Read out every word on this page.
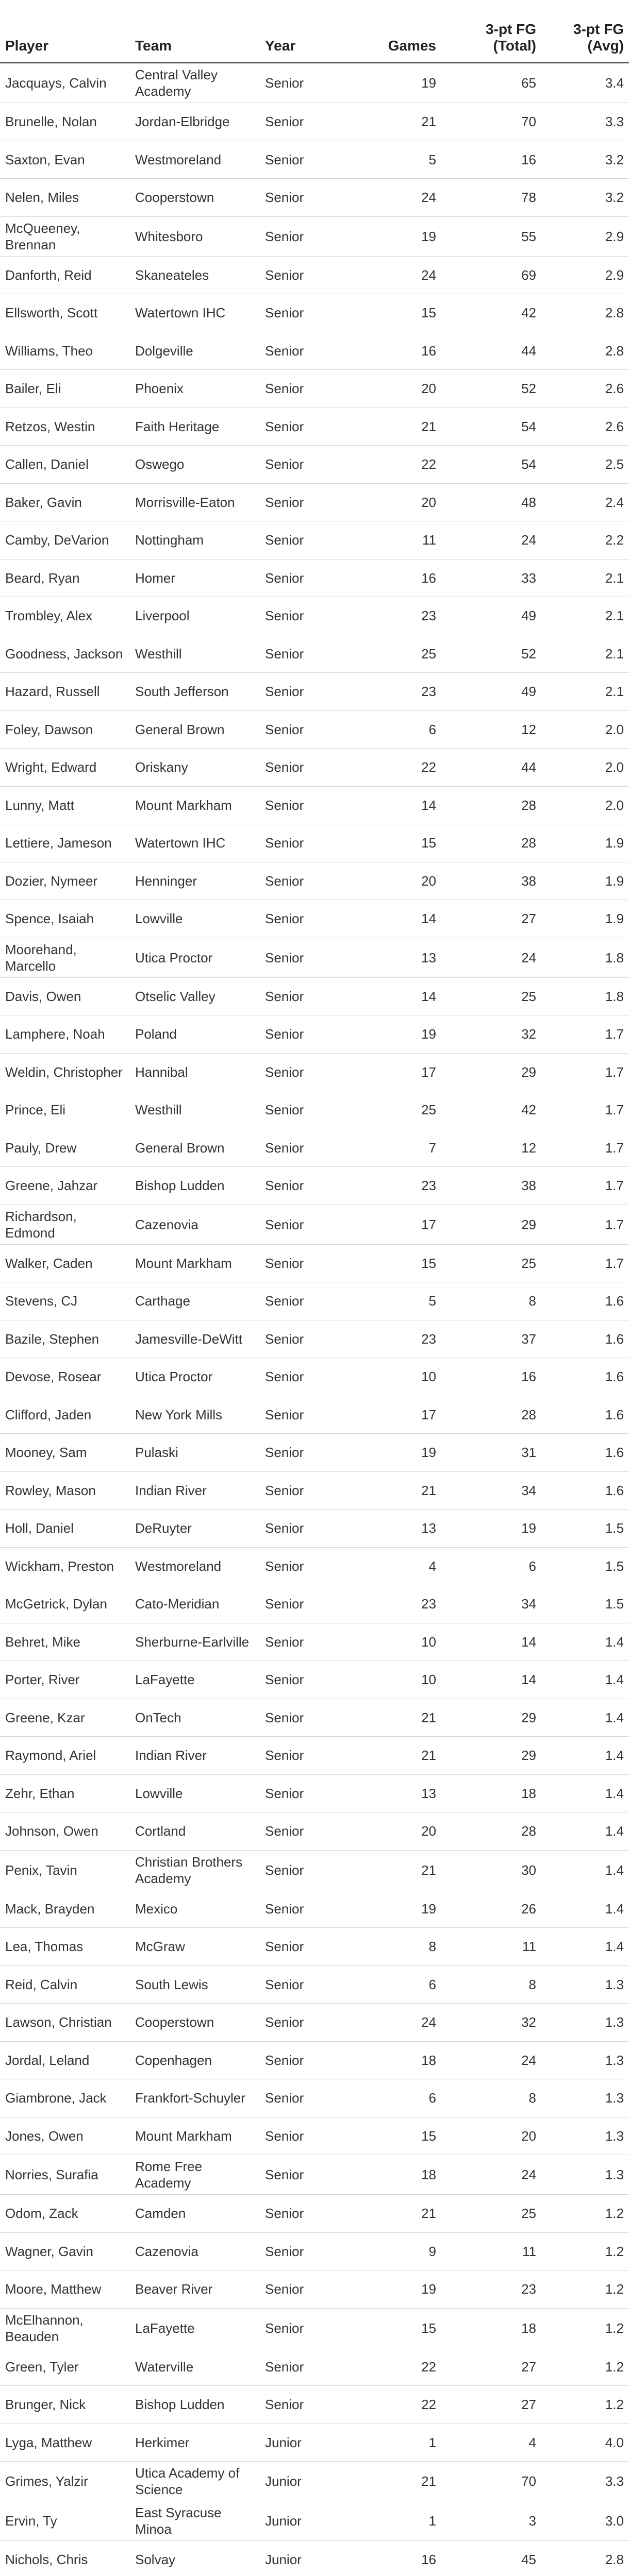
Player	Team	Year	Games	3-pt FG (Total)	3-pt FG (Avg)
Jacquays, Calvin	Central Valley Academy	Senior	19	65	3.4
Brunelle, Nolan	Jordan-Elbridge	Senior	21	70	3.3
Saxton, Evan	Westmoreland	Senior	5	16	3.2
Nelen, Miles	Cooperstown	Senior	24	78	3.2
McQueeney, Brennan	Whitesboro	Senior	19	55	2.9
Danforth, Reid	Skaneateles	Senior	24	69	2.9
Ellsworth, Scott	Watertown IHC	Senior	15	42	2.8
Williams, Theo	Dolgeville	Senior	16	44	2.8
Bailer, Eli	Phoenix	Senior	20	52	2.6
Retzos, Westin	Faith Heritage	Senior	21	54	2.6
Callen, Daniel	Oswego	Senior	22	54	2.5
Baker, Gavin	Morrisville-Eaton	Senior	20	48	2.4
Camby, DeVarion	Nottingham	Senior	11	24	2.2
Beard, Ryan	Homer	Senior	16	33	2.1
Trombley, Alex	Liverpool	Senior	23	49	2.1
Goodness, Jackson	Westhill	Senior	25	52	2.1
Hazard, Russell	South Jefferson	Senior	23	49	2.1
Foley, Dawson	General Brown	Senior	6	12	2.0
Wright, Edward	Oriskany	Senior	22	44	2.0
Lunny, Matt	Mount Markham	Senior	14	28	2.0
Lettiere, Jameson	Watertown IHC	Senior	15	28	1.9
Dozier, Nymeer	Henninger	Senior	20	38	1.9
Spence, Isaiah	Lowville	Senior	14	27	1.9
Moorehand, Marcello	Utica Proctor	Senior	13	24	1.8
Davis, Owen	Otselic Valley	Senior	14	25	1.8
Lamphere, Noah	Poland	Senior	19	32	1.7
Weldin, Christopher	Hannibal	Senior	17	29	1.7
Prince, Eli	Westhill	Senior	25	42	1.7
Pauly, Drew	General Brown	Senior	7	12	1.7
Greene, Jahzar	Bishop Ludden	Senior	23	38	1.7
Richardson, Edmond	Cazenovia	Senior	17	29	1.7
Walker, Caden	Mount Markham	Senior	15	25	1.7
Stevens, CJ	Carthage	Senior	5	8	1.6
Bazile, Stephen	Jamesville-DeWitt	Senior	23	37	1.6
Devose, Rosear	Utica Proctor	Senior	10	16	1.6
Clifford, Jaden	New York Mills	Senior	17	28	1.6
Mooney, Sam	Pulaski	Senior	19	31	1.6
Rowley, Mason	Indian River	Senior	21	34	1.6
Holl, Daniel	DeRuyter	Senior	13	19	1.5
Wickham, Preston	Westmoreland	Senior	4	6	1.5
McGetrick, Dylan	Cato-Meridian	Senior	23	34	1.5
Behret, Mike	Sherburne-Earlville	Senior	10	14	1.4
Porter, River	LaFayette	Senior	10	14	1.4
Greene, Kzar	OnTech	Senior	21	29	1.4
Raymond, Ariel	Indian River	Senior	21	29	1.4
Zehr, Ethan	Lowville	Senior	13	18	1.4
Johnson, Owen	Cortland	Senior	20	28	1.4
Penix, Tavin	Christian Brothers Academy	Senior	21	30	1.4
Mack, Brayden	Mexico	Senior	19	26	1.4
Lea, Thomas	McGraw	Senior	8	11	1.4
Reid, Calvin	South Lewis	Senior	6	8	1.3
Lawson, Christian	Cooperstown	Senior	24	32	1.3
Jordal, Leland	Copenhagen	Senior	18	24	1.3
Giambrone, Jack	Frankfort-Schuyler	Senior	6	8	1.3
Jones, Owen	Mount Markham	Senior	15	20	1.3
Norries, Surafia	Rome Free Academy	Senior	18	24	1.3
Odom, Zack	Camden	Senior	21	25	1.2
Wagner, Gavin	Cazenovia	Senior	9	11	1.2
Moore, Matthew	Beaver River	Senior	19	23	1.2
McElhannon, Beauden	LaFayette	Senior	15	18	1.2
Green, Tyler	Waterville	Senior	22	27	1.2
Brunger, Nick	Bishop Ludden	Senior	22	27	1.2
Lyga, Matthew	Herkimer	Junior	1	4	4.0
Grimes, Yalzir	Utica Academy of Science	Junior	21	70	3.3
Ervin, Ty	East Syracuse Minoa	Junior	1	3	3.0
Nichols, Chris	Solvay	Junior	16	45	2.8
